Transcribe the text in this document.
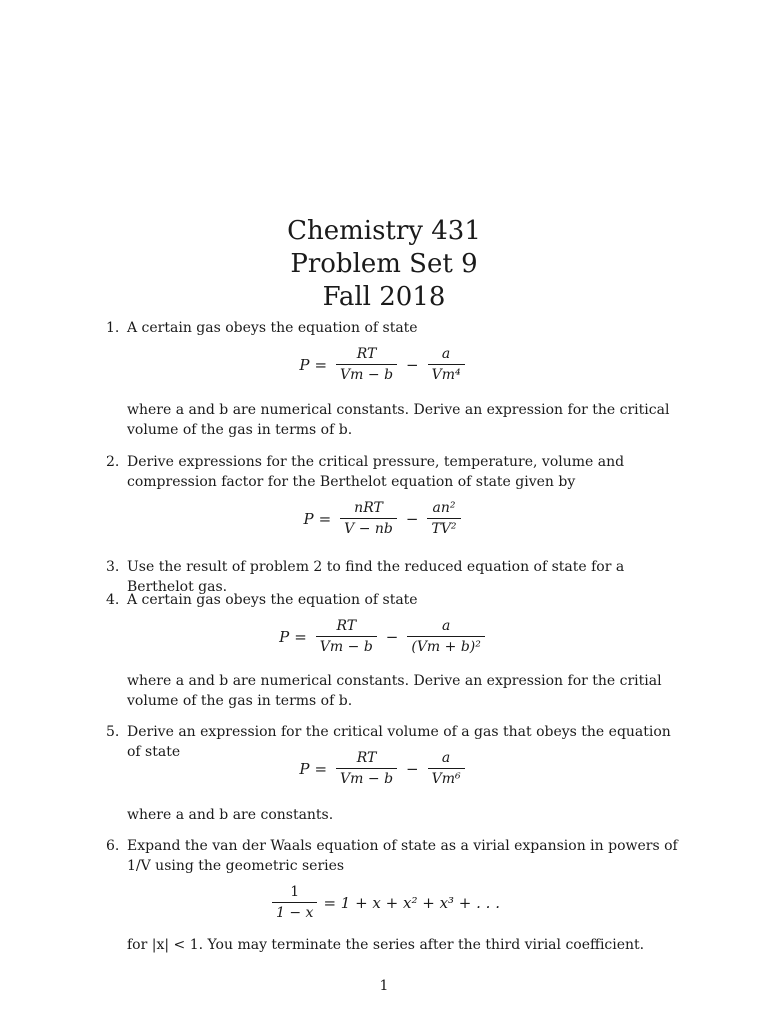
Chemistry 431
Problem Set 9
Fall 2018
1. A certain gas obeys the equation of state
$P = \frac{RT}{Vm - b} - \frac{a}{\text{Vm⁴}}$
where a and b are numerical constants. Derive an expression for the critical volume of the gas in terms of b.
2. Derive expressions for the critical pressure, temperature, volume and compression factor for the Berthelot equation of state given by
$P = \frac{\text{nRT}}{V - nb} - \frac{\text{an²}}{\text{TV²}}$
3. Use the result of problem 2 to find the reduced equation of state for a Berthelot gas.
4. A certain gas obeys the equation of state
$P = \frac{RT}{Vm - b} - \frac{a}{\text{(Vm + b)²}}$
where a and b are numerical constants. Derive an expression for the critial volume of the gas in terms of b.
5. Derive an expression for the critical volume of a gas that obeys the equation of state
$P = \frac{RT}{Vm - b} - \frac{a}{\text{Vm⁶}}$
where a and b are constants.
6. Expand the van der Waals equation of state as a virial expansion in powers of 1/V using the geometric series
$\frac{1}{1 - x} = 1 + x + x^2 + x^3$ + . . .
for |x| < 1. You may terminate the series after the third virial coefficient.
1
